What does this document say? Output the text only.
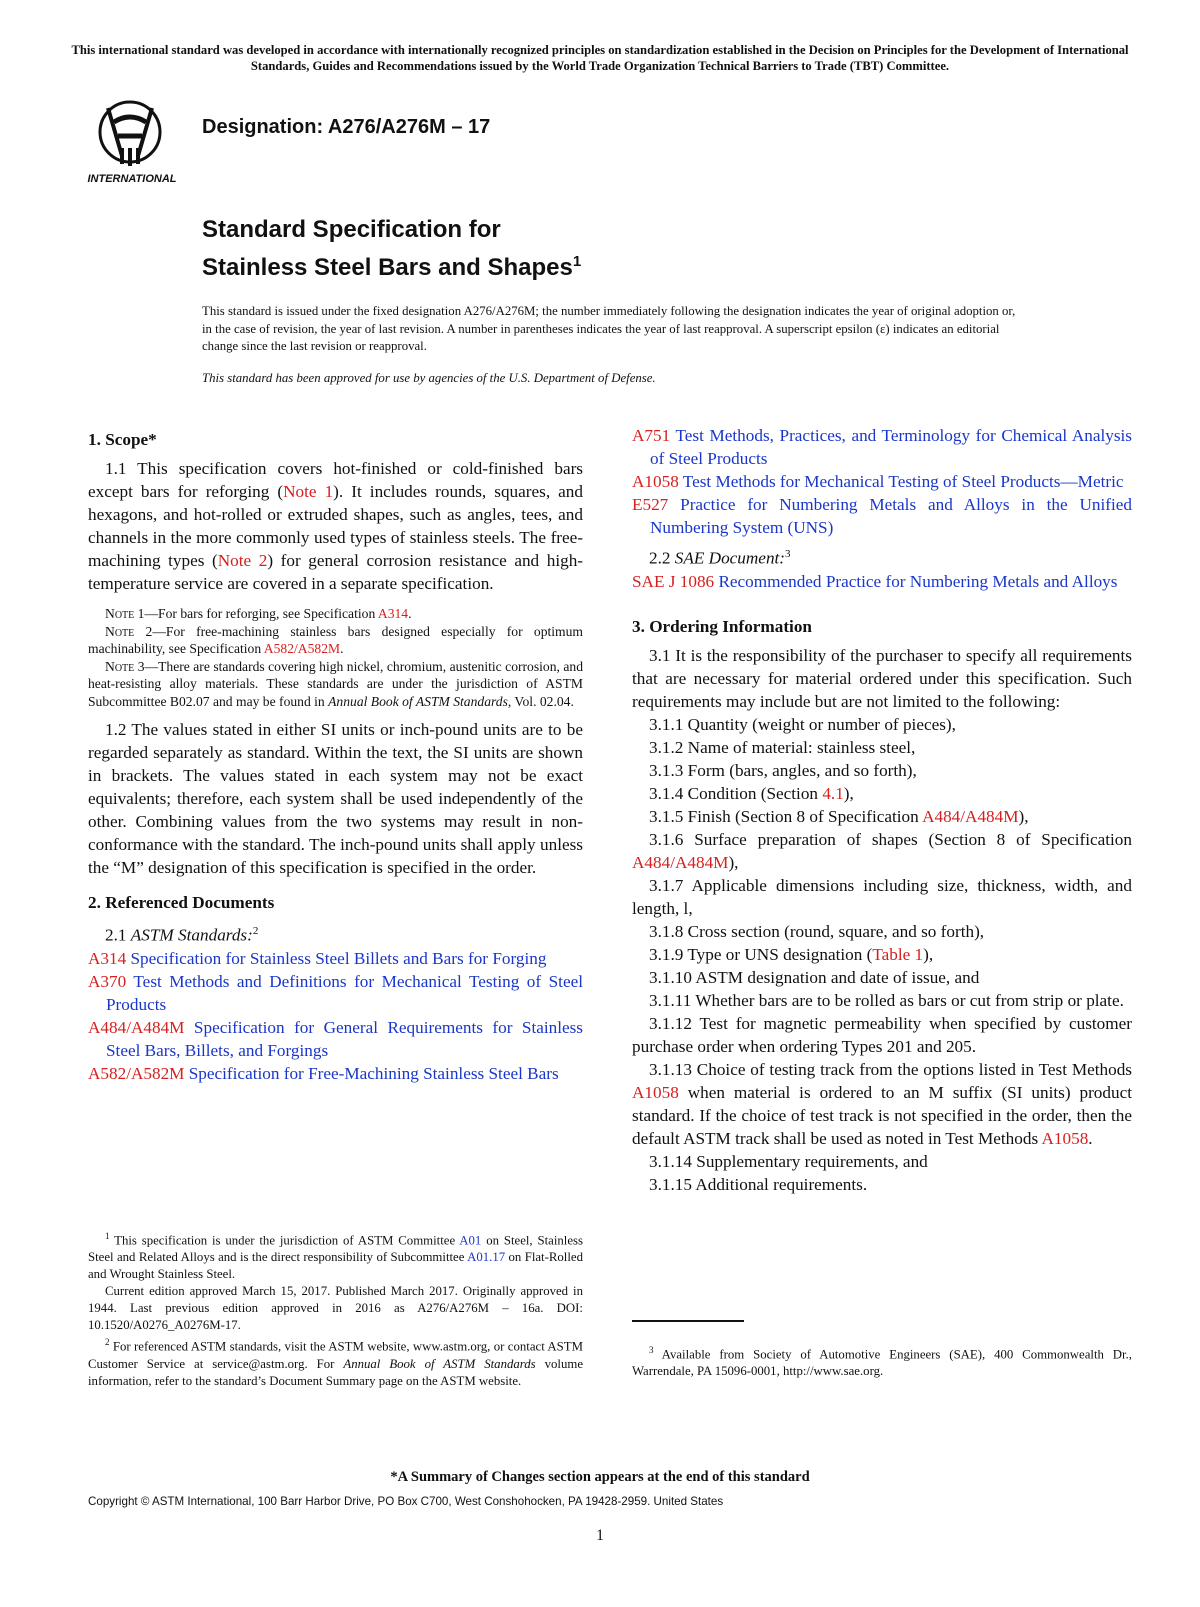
This international standard was developed in accordance with internationally recognized principles on standardization established in the Decision on Principles for the Development of International Standards, Guides and Recommendations issued by the World Trade Organization Technical Barriers to Trade (TBT) Committee.
INTERNATIONAL
Designation: A276/A276M – 17
Standard Specification for
Stainless Steel Bars and Shapes$^1$
This standard is issued under the fixed designation A276/A276M; the number immediately following the designation indicates the year of original adoption or, in the case of revision, the year of last revision. A number in parentheses indicates the year of last reapproval. A superscript epsilon (ε) indicates an editorial change since the last revision or reapproval.
This standard has been approved for use by agencies of the U.S. Department of Defense.
1. Scope*

1.1 This specification covers hot-finished or cold-finished bars except bars for reforging (Note 1). It includes rounds, squares, and hexagons, and hot-rolled or extruded shapes, such as angles, tees, and channels in the more commonly used types of stainless steels. The free-machining types (Note 2) for general corrosion resistance and high-temperature service are covered in a separate specification.

Note 1—For bars for reforging, see Specification A314.

Note 2—For free-machining stainless bars designed especially for optimum machinability, see Specification A582/A582M.

Note 3—There are standards covering high nickel, chromium, austenitic corrosion, and heat-resisting alloy materials. These standards are under the jurisdiction of ASTM Subcommittee B02.07 and may be found in Annual Book of ASTM Standards, Vol. 02.04.

1.2 The values stated in either SI units or inch-pound units are to be regarded separately as standard. Within the text, the SI units are shown in brackets. The values stated in each system may not be exact equivalents; therefore, each system shall be used independently of the other. Combining values from the two systems may result in non-conformance with the standard. The inch-pound units shall apply unless the “M” designation of this specification is specified in the order.

2. Referenced Documents

2.1 ASTM Standards:$^2$

A314 Specification for Stainless Steel Billets and Bars for Forging
A370 Test Methods and Definitions for Mechanical Testing of Steel Products
A484/A484M Specification for General Requirements for Stainless Steel Bars, Billets, and Forgings
A582/A582M Specification for Free-Machining Stainless Steel Bars

$^1$ This specification is under the jurisdiction of ASTM Committee A01 on Steel, Stainless Steel and Related Alloys and is the direct responsibility of Subcommittee A01.17 on Flat-Rolled and Wrought Stainless Steel.

Current edition approved March 15, 2017. Published March 2017. Originally approved in 1944. Last previous edition approved in 2016 as A276/A276M – 16a. DOI: 10.1520/A0276_A0276M-17.

$^2$ For referenced ASTM standards, visit the ASTM website, www.astm.org, or contact ASTM Customer Service at service@astm.org. For Annual Book of ASTM Standards volume information, refer to the standard’s Document Summary page on the ASTM website.

A751 Test Methods, Practices, and Terminology for Chemical Analysis of Steel Products
A1058 Test Methods for Mechanical Testing of Steel Products—Metric
E527 Practice for Numbering Metals and Alloys in the Unified Numbering System (UNS)

2.2 SAE Document:$^3$

SAE J 1086 Recommended Practice for Numbering Metals and Alloys
3. Ordering Information

3.1 It is the responsibility of the purchaser to specify all requirements that are necessary for material ordered under this specification. Such requirements may include but are not limited to the following:

3.1.1 Quantity (weight or number of pieces),

3.1.2 Name of material: stainless steel,

3.1.3 Form (bars, angles, and so forth),

3.1.4 Condition (Section 4.1),

3.1.5 Finish (Section 8 of Specification A484/A484M),

3.1.6 Surface preparation of shapes (Section 8 of Specification A484/A484M),

3.1.7 Applicable dimensions including size, thickness, width, and length, l,

3.1.8 Cross section (round, square, and so forth),

3.1.9 Type or UNS designation (Table 1),

3.1.10 ASTM designation and date of issue, and

3.1.11 Whether bars are to be rolled as bars or cut from strip or plate.

3.1.12 Test for magnetic permeability when specified by customer purchase order when ordering Types 201 and 205.

3.1.13 Choice of testing track from the options listed in Test Methods A1058 when material is ordered to an M suffix (SI units) product standard. If the choice of test track is not specified in the order, then the default ASTM track shall be used as noted in Test Methods A1058.

3.1.14 Supplementary requirements, and

3.1.15 Additional requirements.

$^3$ Available from Society of Automotive Engineers (SAE), 400 Commonwealth Dr., Warrendale, PA 15096-0001, http://www.sae.org.

*A Summary of Changes section appears at the end of this standard
Copyright © ASTM International, 100 Barr Harbor Drive, PO Box C700, West Conshohocken, PA 19428-2959. United States
1
